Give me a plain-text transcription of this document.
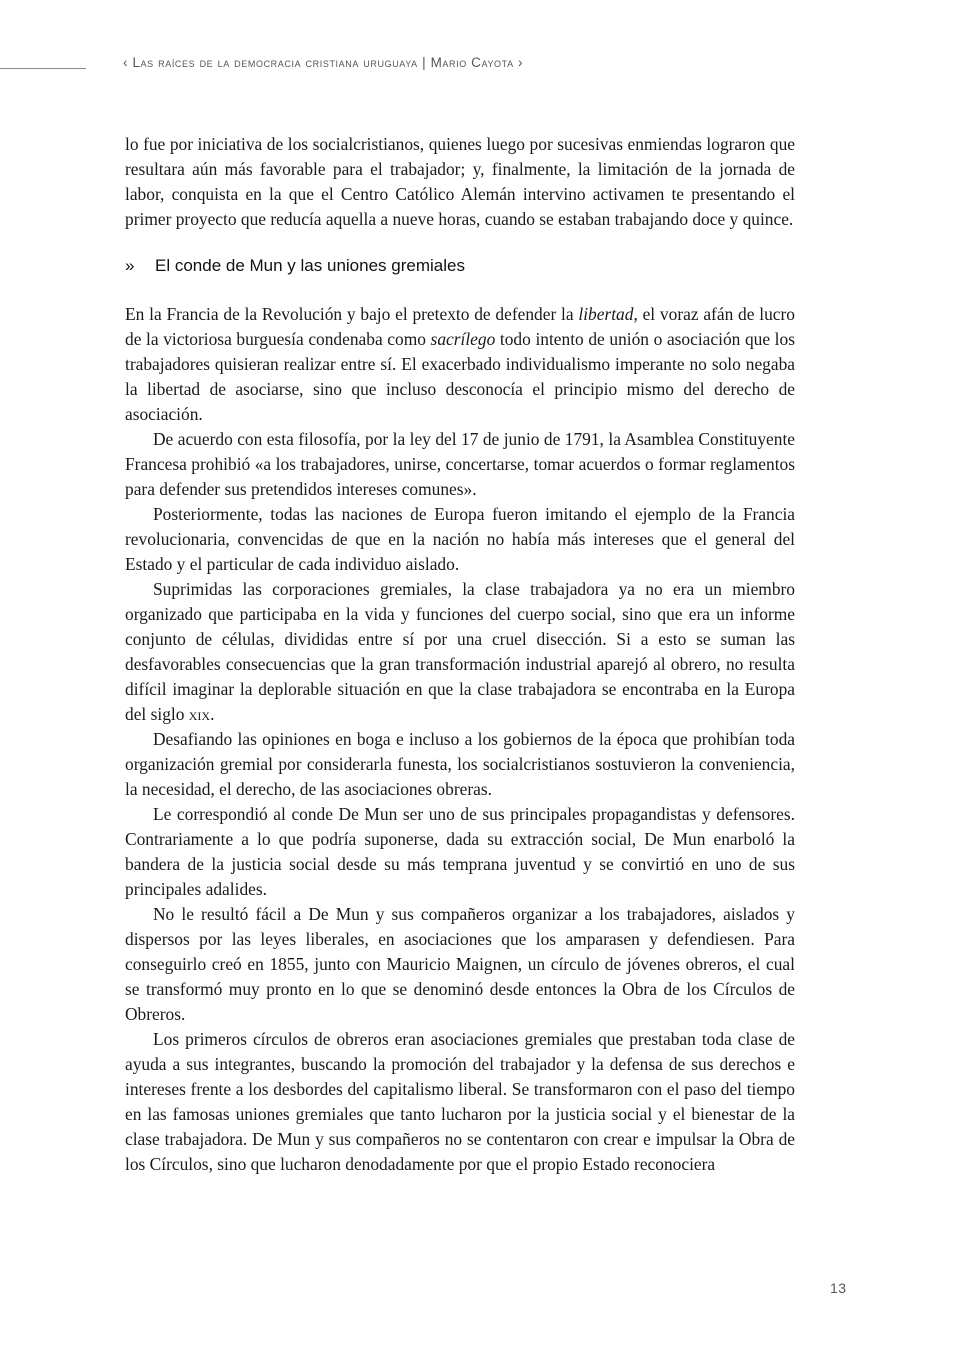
‹ Las raíces de la democracia cristiana uruguaya | Mario Cayota ›

lo fue por iniciativa de los socialcristianos, quienes luego por sucesivas enmiendas lograron que resultara aún más favorable para el trabajador; y, finalmente, la limitación de la jornada de labor, conquista en la que el Centro Católico Alemán intervino activamen te presentando el primer proyecto que reducía aquella a nueve horas, cuando se estaban trabajando doce y quince.

»	El conde de Mun y las uniones gremiales

En la Francia de la Revolución y bajo el pretexto de defender la libertad, el voraz afán de lucro de la victoriosa burguesía condenaba como sacrílego todo intento de unión o asociación que los trabajadores quisieran realizar entre sí. El exacerbado individualismo imperante no solo negaba la libertad de asociarse, sino que incluso desconocía el principio mismo del derecho de asociación.

De acuerdo con esta filosofía, por la ley del 17 de junio de 1791, la Asamblea Constituyente Francesa prohibió «a los trabajadores, unirse, concertarse, tomar acuerdos o formar reglamentos para defender sus pretendidos intereses comunes».

Posteriormente, todas las naciones de Europa fueron imitando el ejemplo de la Francia revolucionaria, convencidas de que en la nación no había más intereses que el general del Estado y el particular de cada individuo aislado.

Suprimidas las corporaciones gremiales, la clase trabajadora ya no era un miembro organizado que participaba en la vida y funciones del cuerpo social, sino que era un informe conjunto de células, divididas entre sí por una cruel disección. Si a esto se suman las desfavorables consecuencias que la gran transformación industrial aparejó al obrero, no resulta difícil imaginar la deplorable situación en que la clase trabajadora se encontraba en la Europa del siglo xix.

Desafiando las opiniones en boga e incluso a los gobiernos de la época que prohibían toda organización gremial por considerarla funesta, los socialcristianos sostuvieron la conveniencia, la necesidad, el derecho, de las asociaciones obreras.

Le correspondió al conde De Mun ser uno de sus principales propagandistas y defensores. Contrariamente a lo que podría suponerse, dada su extracción social, De Mun enarboló la bandera de la justicia social desde su más temprana juventud y se convirtió en uno de sus principales adalides.

No le resultó fácil a De Mun y sus compañeros organizar a los trabajadores, aislados y dispersos por las leyes liberales, en asociaciones que los amparasen y defendiesen. Para conseguirlo creó en 1855, junto con Mauricio Maignen, un círculo de jóvenes obreros, el cual se transformó muy pronto en lo que se denominó desde entonces la Obra de los Círculos de Obreros.

Los primeros círculos de obreros eran asociaciones gremiales que prestaban toda clase de ayuda a sus integrantes, buscando la promoción del trabajador y la defensa de sus derechos e intereses frente a los desbordes del capitalismo liberal. Se transformaron con el paso del tiempo en las famosas uniones gremiales que tanto lucharon por la justicia social y el bienestar de la clase trabajadora. De Mun y sus compañeros no se contentaron con crear e impulsar la Obra de los Círculos, sino que lucharon denodadamente por que el propio Estado reconociera

13
